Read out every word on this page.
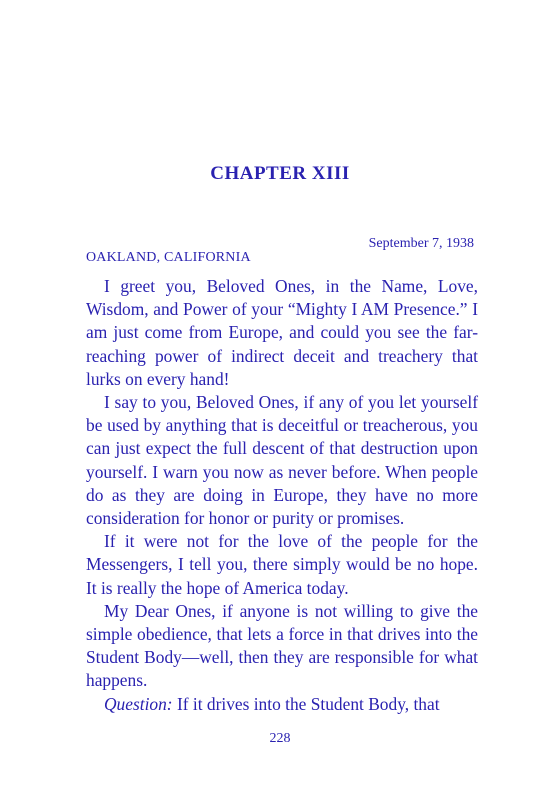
CHAPTER XIII
September 7, 1938
OAKLAND, CALIFORNIA

I greet you, Beloved Ones, in the Name, Love, Wisdom, and Power of your “Mighty I AM Presence.” I am just come from Europe, and could you see the far-reaching power of indirect deceit and treachery that lurks on every hand!

I say to you, Beloved Ones, if any of you let yourself be used by anything that is deceitful or treacherous, you can just expect the full descent of that destruction upon yourself. I warn you now as never before. When people do as they are doing in Europe, they have no more consideration for honor or purity or promises.

If it were not for the love of the people for the Messengers, I tell you, there simply would be no hope. It is really the hope of America today.

My Dear Ones, if anyone is not willing to give the simple obedience, that lets a force in that drives into the Student Body—well, then they are responsible for what happens.

Question: If it drives into the Student Body, that

228
